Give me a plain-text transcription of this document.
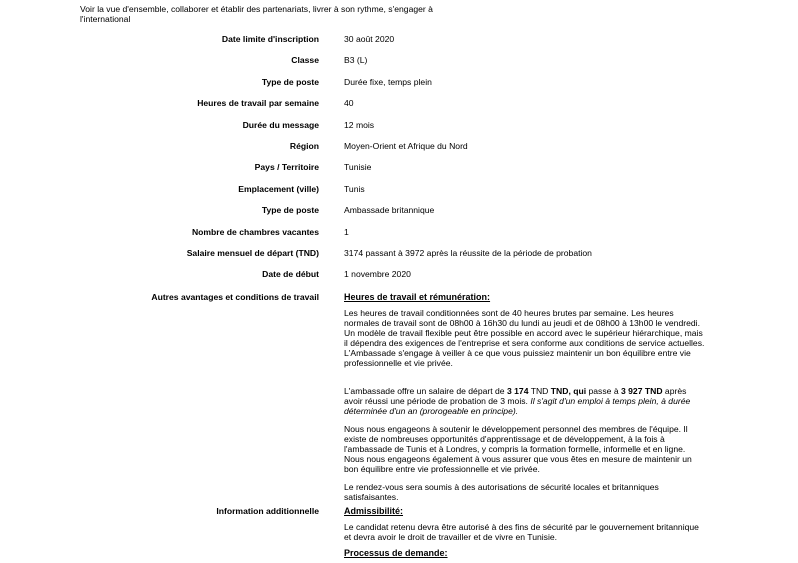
Voir la vue d'ensemble, collaborer et établir des partenariats, livrer à son rythme, s'engager à l'international
Date limite d'inscription	30 août 2020
Classe	B3 (L)
Type de poste	Durée fixe, temps plein
Heures de travail par semaine	40
Durée du message	12 mois
Région	Moyen-Orient et Afrique du Nord
Pays / Territoire	Tunisie
Emplacement (ville)	Tunis
Type de poste	Ambassade britannique
Nombre de chambres vacantes	1
Salaire mensuel de départ (TND)	3174 passant à 3972 après la réussite de la période de probation
Date de début	1 novembre 2020
Autres avantages et conditions de travail	Heures de travail et rémunération:

Les heures de travail conditionnées sont de 40 heures brutes par semaine. Les heures normales de travail sont de 08h00 à 16h30 du lundi au jeudi et de 08h00 à 13h00 le vendredi. Un modèle de travail flexible peut être possible en accord avec le supérieur hiérarchique, mais il dépendra des exigences de l'entreprise et sera conforme aux conditions de service actuelles. L'Ambassade s'engage à veiller à ce que vous puissiez maintenir un bon équilibre entre vie professionnelle et vie privée.

L'ambassade offre un salaire de départ de 3 174 TND TND, qui passe à 3 927 TND après avoir réussi une période de probation de 3 mois. Il s'agit d'un emploi à temps plein, à durée déterminée d'un an (prorogeable en principe).

Nous nous engageons à soutenir le développement personnel des membres de l'équipe. Il existe de nombreuses opportunités d'apprentissage et de développement, à la fois à l'ambassade de Tunis et à Londres, y compris la formation formelle, informelle et en ligne. Nous nous engageons également à vous assurer que vous êtes en mesure de maintenir un bon équilibre entre vie professionnelle et vie privée.

Le rendez-vous sera soumis à des autorisations de sécurité locales et britanniques satisfaisantes.

Information additionnelle	Admissibilité:

Le candidat retenu devra être autorisé à des fins de sécurité par le gouvernement britannique et devra avoir le droit de travailler et de vivre en Tunisie.

Processus de demande:
